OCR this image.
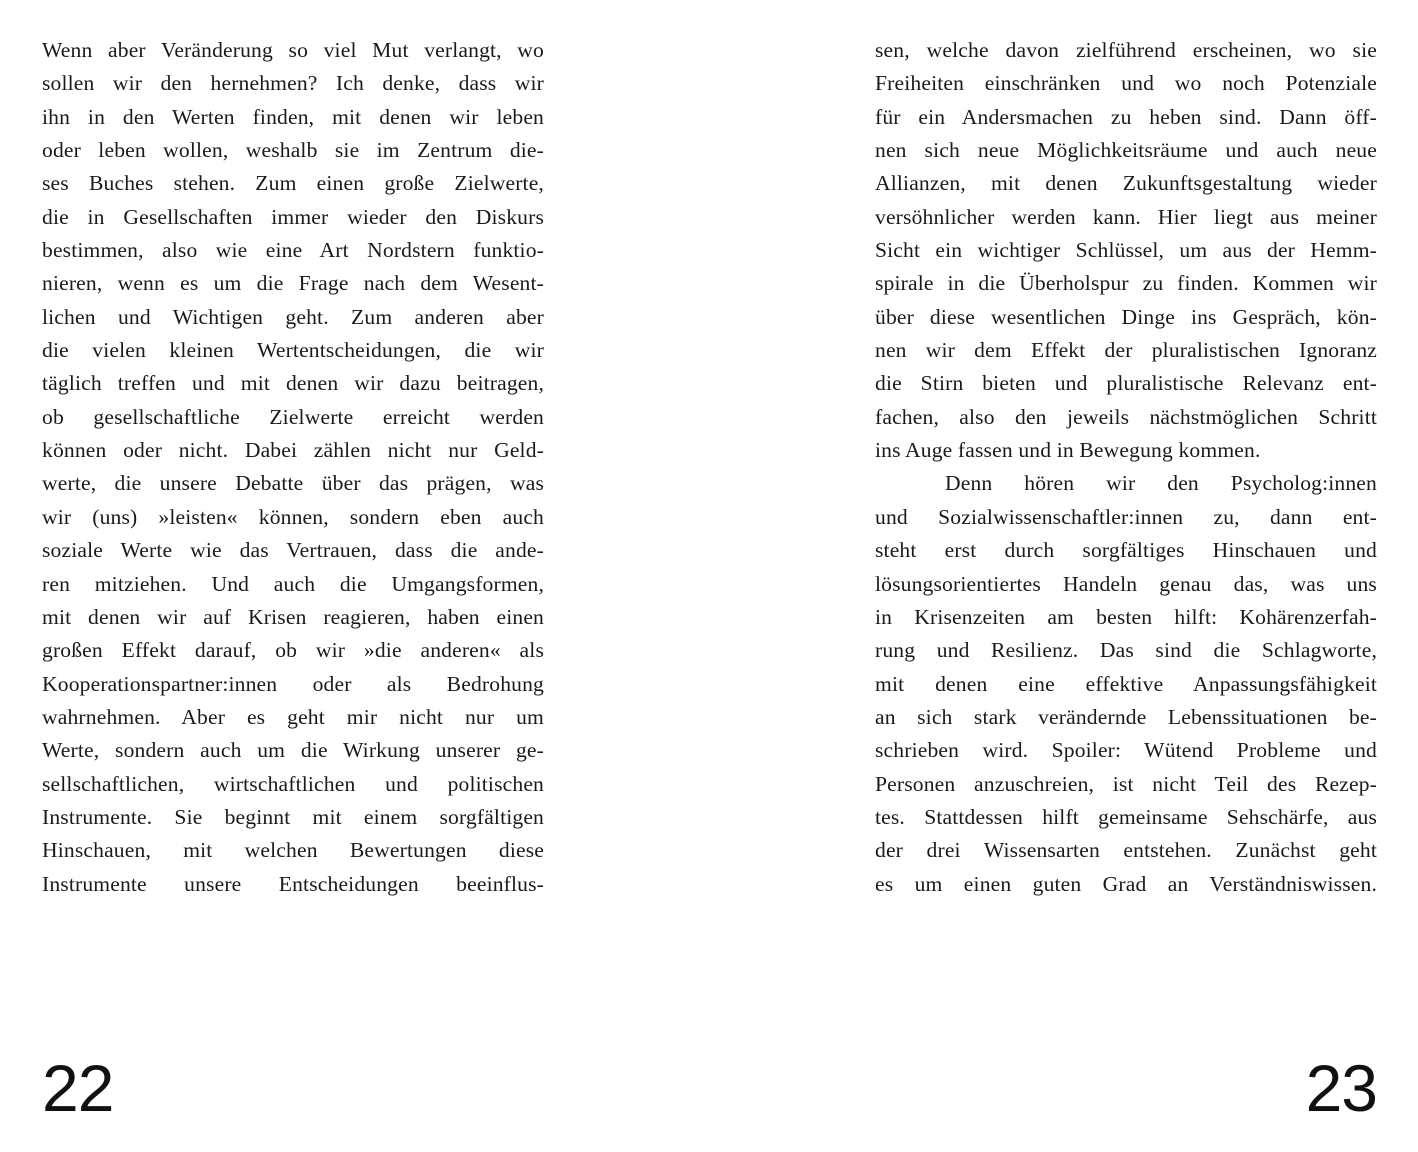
Wenn aber Veränderung so viel Mut verlangt, wo
sollen wir den hernehmen? Ich denke, dass wir
ihn in den Werten finden, mit denen wir leben
oder leben wollen, weshalb sie im Zentrum die-
ses Buches stehen. Zum einen große Zielwerte,
die in Gesellschaften immer wieder den Diskurs
bestimmen, also wie eine Art Nordstern funktio-
nieren, wenn es um die Frage nach dem Wesent-
lichen und Wichtigen geht. Zum anderen aber
die vielen kleinen Wertentscheidungen, die wir
täglich treffen und mit denen wir dazu beitragen,
ob gesellschaftliche Zielwerte erreicht werden
können oder nicht. Dabei zählen nicht nur Geld-
werte, die unsere Debatte über das prägen, was
wir (uns) »leisten« können, sondern eben auch
soziale Werte wie das Vertrauen, dass die ande-
ren mitziehen. Und auch die Umgangsformen,
mit denen wir auf Krisen reagieren, haben einen
großen Effekt darauf, ob wir »die anderen« als
Kooperationspartner:innen oder als Bedrohung
wahrnehmen. Aber es geht mir nicht nur um
Werte, sondern auch um die Wirkung unserer ge-
sellschaftlichen, wirtschaftlichen und politischen
Instrumente. Sie beginnt mit einem sorgfältigen
Hinschauen, mit welchen Bewertungen diese
Instrumente unsere Entscheidungen beeinflus-
22
sen, welche davon zielführend erscheinen, wo sie
Freiheiten einschränken und wo noch Potenziale
für ein Andersmachen zu heben sind. Dann öff-
nen sich neue Möglichkeitsräume und auch neue
Allianzen, mit denen Zukunftsgestaltung wieder
versöhnlicher werden kann. Hier liegt aus meiner
Sicht ein wichtiger Schlüssel, um aus der Hemm-
spirale in die Überholspur zu finden. Kommen wir
über diese wesentlichen Dinge ins Gespräch, kön-
nen wir dem Effekt der pluralistischen Ignoranz
die Stirn bieten und pluralistische Relevanz ent-
fachen, also den jeweils nächstmöglichen Schritt
ins Auge fassen und in Bewegung kommen.
Denn hören wir den Psycholog:innen
und Sozialwissenschaftler:innen zu, dann ent-
steht erst durch sorgfältiges Hinschauen und
lösungsorientiertes Handeln genau das, was uns
in Krisenzeiten am besten hilft: Kohärenzerfah-
rung und Resilienz. Das sind die Schlagworte,
mit denen eine effektive Anpassungsfähigkeit
an sich stark verändernde Lebenssituationen be-
schrieben wird. Spoiler: Wütend Probleme und
Personen anzuschreien, ist nicht Teil des Rezep-
tes. Stattdessen hilft gemeinsame Sehschärfe, aus
der drei Wissensarten entstehen. Zunächst geht
es um einen guten Grad an Verständniswissen.
23
